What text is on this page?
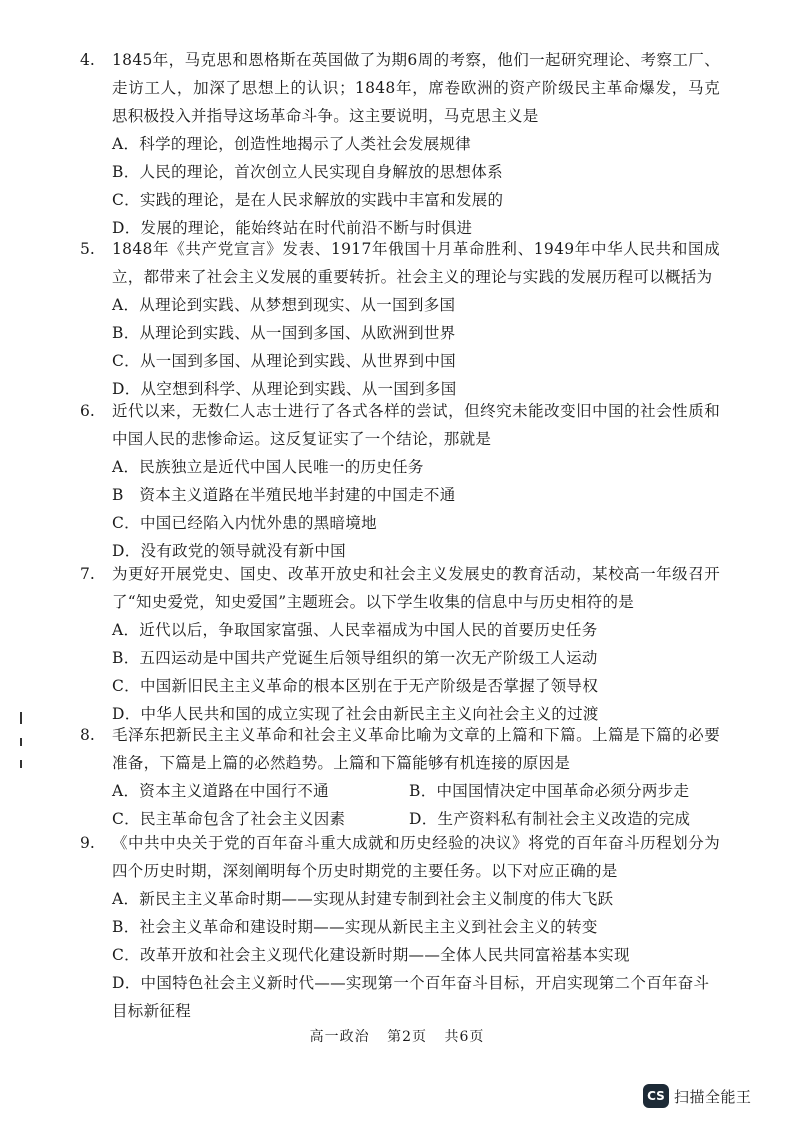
4.	1845年，马克思和恩格斯在英国做了为期6周的考察，他们一起研究理论、考察工厂、走访工人，加深了思想上的认识；1848年，席卷欧洲的资产阶级民主革命爆发，马克思积极投入并指导这场革命斗争。这主要说明，马克思主义是
A．科学的理论，创造性地揭示了人类社会发展规律
B．人民的理论，首次创立人民实现自身解放的思想体系
C．实践的理论，是在人民求解放的实践中丰富和发展的
D．发展的理论，能始终站在时代前沿不断与时俱进
5.	1848年《共产党宣言》发表、1917年俄国十月革命胜利、1949年中华人民共和国成立，都带来了社会主义发展的重要转折。社会主义的理论与实践的发展历程可以概括为
A．从理论到实践、从梦想到现实、从一国到多国
B．从理论到实践、从一国到多国、从欧洲到世界
C．从一国到多国、从理论到实践、从世界到中国
D．从空想到科学、从理论到实践、从一国到多国
6.	近代以来，无数仁人志士进行了各式各样的尝试，但终究未能改变旧中国的社会性质和中国人民的悲惨命运。这反复证实了一个结论，那就是
A．民族独立是近代中国人民唯一的历史任务
B　资本主义道路在半殖民地半封建的中国走不通
C．中国已经陷入内忧外患的黑暗境地
D．没有政党的领导就没有新中国
7.	为更好开展党史、国史、改革开放史和社会主义发展史的教育活动，某校高一年级召开了“知史爱党，知史爱国”主题班会。以下学生收集的信息中与历史相符的是
A．近代以后，争取国家富强、人民幸福成为中国人民的首要历史任务
B．五四运动是中国共产党诞生后领导组织的第一次无产阶级工人运动
C．中国新旧民主主义革命的根本区别在于无产阶级是否掌握了领导权
D．中华人民共和国的成立实现了社会由新民主主义向社会主义的过渡
8.	毛泽东把新民主主义革命和社会主义革命比喻为文章的上篇和下篇。上篇是下篇的必要准备，下篇是上篇的必然趋势。上篇和下篇能够有机连接的原因是
A．资本主义道路在中国行不通	B．中国国情决定中国革命必须分两步走
C．民主革命包含了社会主义因素	D．生产资料私有制社会主义改造的完成
9.	《中共中央关于党的百年奋斗重大成就和历史经验的决议》将党的百年奋斗历程划分为四个历史时期，深刻阐明每个历史时期党的主要任务。以下对应正确的是
A．新民主主义革命时期——实现从封建专制到社会主义制度的伟大飞跃
B．社会主义革命和建设时期——实现从新民主主义到社会主义的转变
C．改革开放和社会主义现代化建设新时期——全体人民共同富裕基本实现
D．中国特色社会主义新时代——实现第一个百年奋斗目标，开启实现第二个百年奋斗目标新征程
高一政治 第2页 共6页
CS 扫描全能王
